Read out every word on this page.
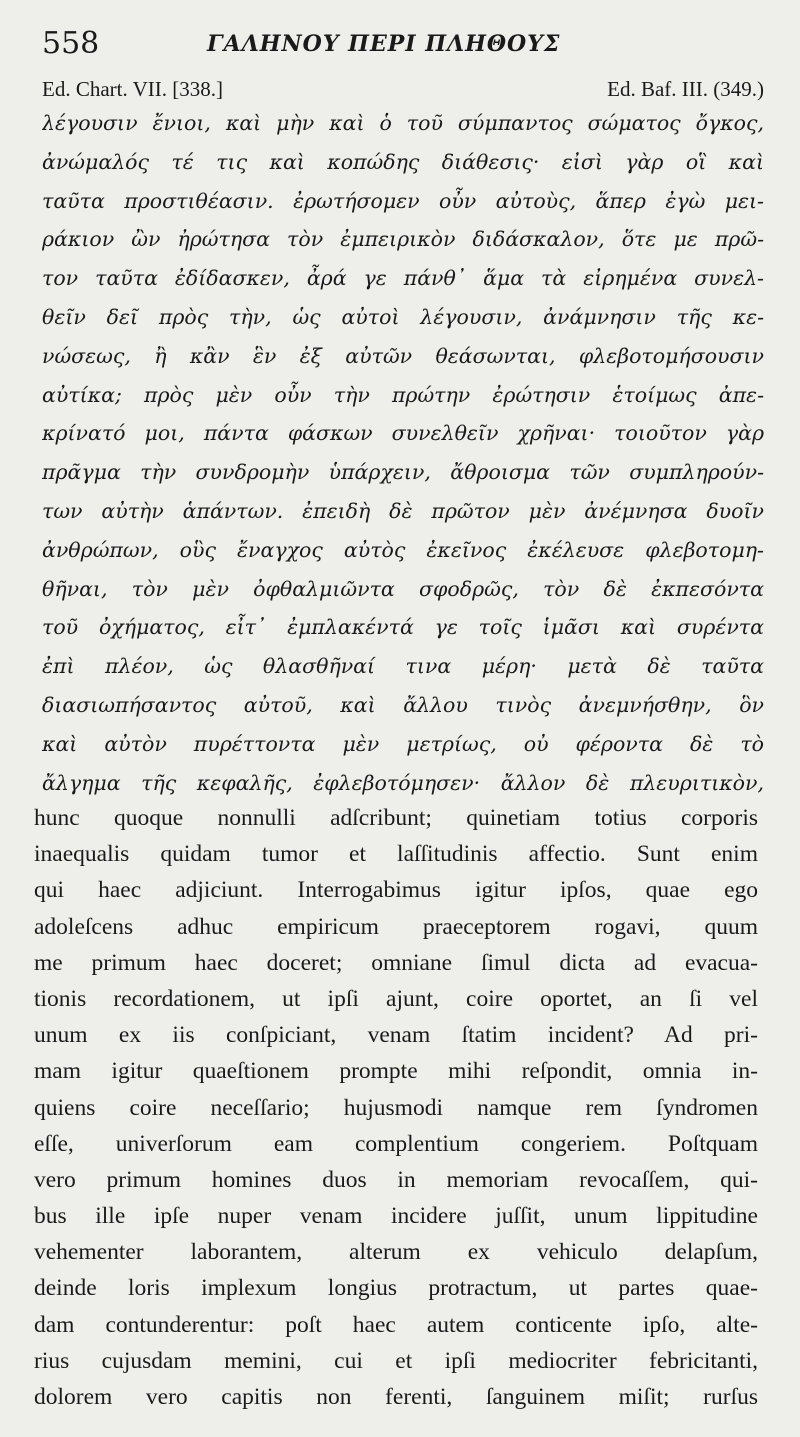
558	ΓΑΛΗΝΟΥ ΠΕΡΙ ΠΛΗΘΟΥΣ
Ed. Chart. VII. [338.]	Ed. Baf. III. (349.)
λέγουσιν ἔνιοι, καὶ μὴν καὶ ὁ τοῦ σύμπαντος σώματος ὄγκος,
ἀνώμαλός τέ τις καὶ κοπώδης διάθεσις· εἰσὶ γὰρ οἳ καὶ
ταῦτα προστιθέασιν. ἐρωτήσομεν οὖν αὐτοὺς, ἅπερ ἐγὼ μει-
ράκιον ὢν ἠρώτησα τὸν ἐμπειρικὸν διδάσκαλον, ὅτε με πρῶ-
τον ταῦτα ἐδίδασκεν, ἆρά γε πάνθ᾽ ἅμα τὰ εἰρημένα συνελ-
θεῖν δεῖ πρὸς τὴν, ὡς αὐτοὶ λέγουσιν, ἀνάμνησιν τῆς κε-
νώσεως, ἢ κἂν ἓν ἐξ αὐτῶν θεάσωνται, φλεβοτομήσουσιν
αὐτίκα; πρὸς μὲν οὖν τὴν πρώτην ἐρώτησιν ἑτοίμως ἀπε-
κρίνατό μοι, πάντα φάσκων συνελθεῖν χρῆναι· τοιοῦτον γὰρ
πρᾶγμα τὴν συνδρομὴν ὑπάρχειν, ἄθροισμα τῶν συμπληρούν-
των αὐτὴν ἁπάντων. ἐπειδὴ δὲ πρῶτον μὲν ἀνέμνησα δυοῖν
ἀνθρώπων, οὓς ἔναγχος αὐτὸς ἐκεῖνος ἐκέλευσε φλεβοτομη-
θῆναι, τὸν μὲν ὀφθαλμιῶντα σφοδρῶς, τὸν δὲ ἐκπεσόντα
τοῦ ὀχήματος, εἶτ᾽ ἐμπλακέντά γε τοῖς ἱμᾶσι καὶ συρέντα
ἐπὶ πλέον, ὡς θλασθῆναί τινα μέρη· μετὰ δὲ ταῦτα
διασιωπήσαντος αὐτοῦ, καὶ ἄλλου τινὸς ἀνεμνήσθην, ὃν
καὶ αὐτὸν πυρέττοντα μὲν μετρίως, οὐ φέροντα δὲ τὸ
ἄλγημα τῆς κεφαλῆς, ἐφλεβοτόμησεν· ἄλλον δὲ πλευριτικὸν,
hunc quoque nonnulli adſcribunt; quinetiam totius corporis
inaequalis quidam tumor et laſſitudinis affectio. Sunt enim
qui haec adjiciunt. Interrogabimus igitur ipſos, quae ego
adoleſcens adhuc empiricum praeceptorem rogavi, quum
me primum haec doceret; omniane ſimul dicta ad evacua-
tionis recordationem, ut ipſi ajunt, coire oportet, an ſi vel
unum ex iis conſpiciant, venam ſtatim incident? Ad pri-
mam igitur quaeſtionem prompte mihi reſpondit, omnia in-
quiens coire neceſſario; hujusmodi namque rem ſyndromen
eſſe, univerſorum eam complentium congeriem. Poſtquam
vero primum homines duos in memoriam revocaſſem, qui-
bus ille ipſe nuper venam incidere juſſit, unum lippitudine
vehementer laborantem, alterum ex vehiculo delapſum,
deinde loris implexum longius protractum, ut partes quae-
dam contunderentur: poſt haec autem conticente ipſo, alte-
rius cujusdam memini, cui et ipſi mediocriter febricitanti,
dolorem vero capitis non ferenti, ſanguinem miſit; rurſus
